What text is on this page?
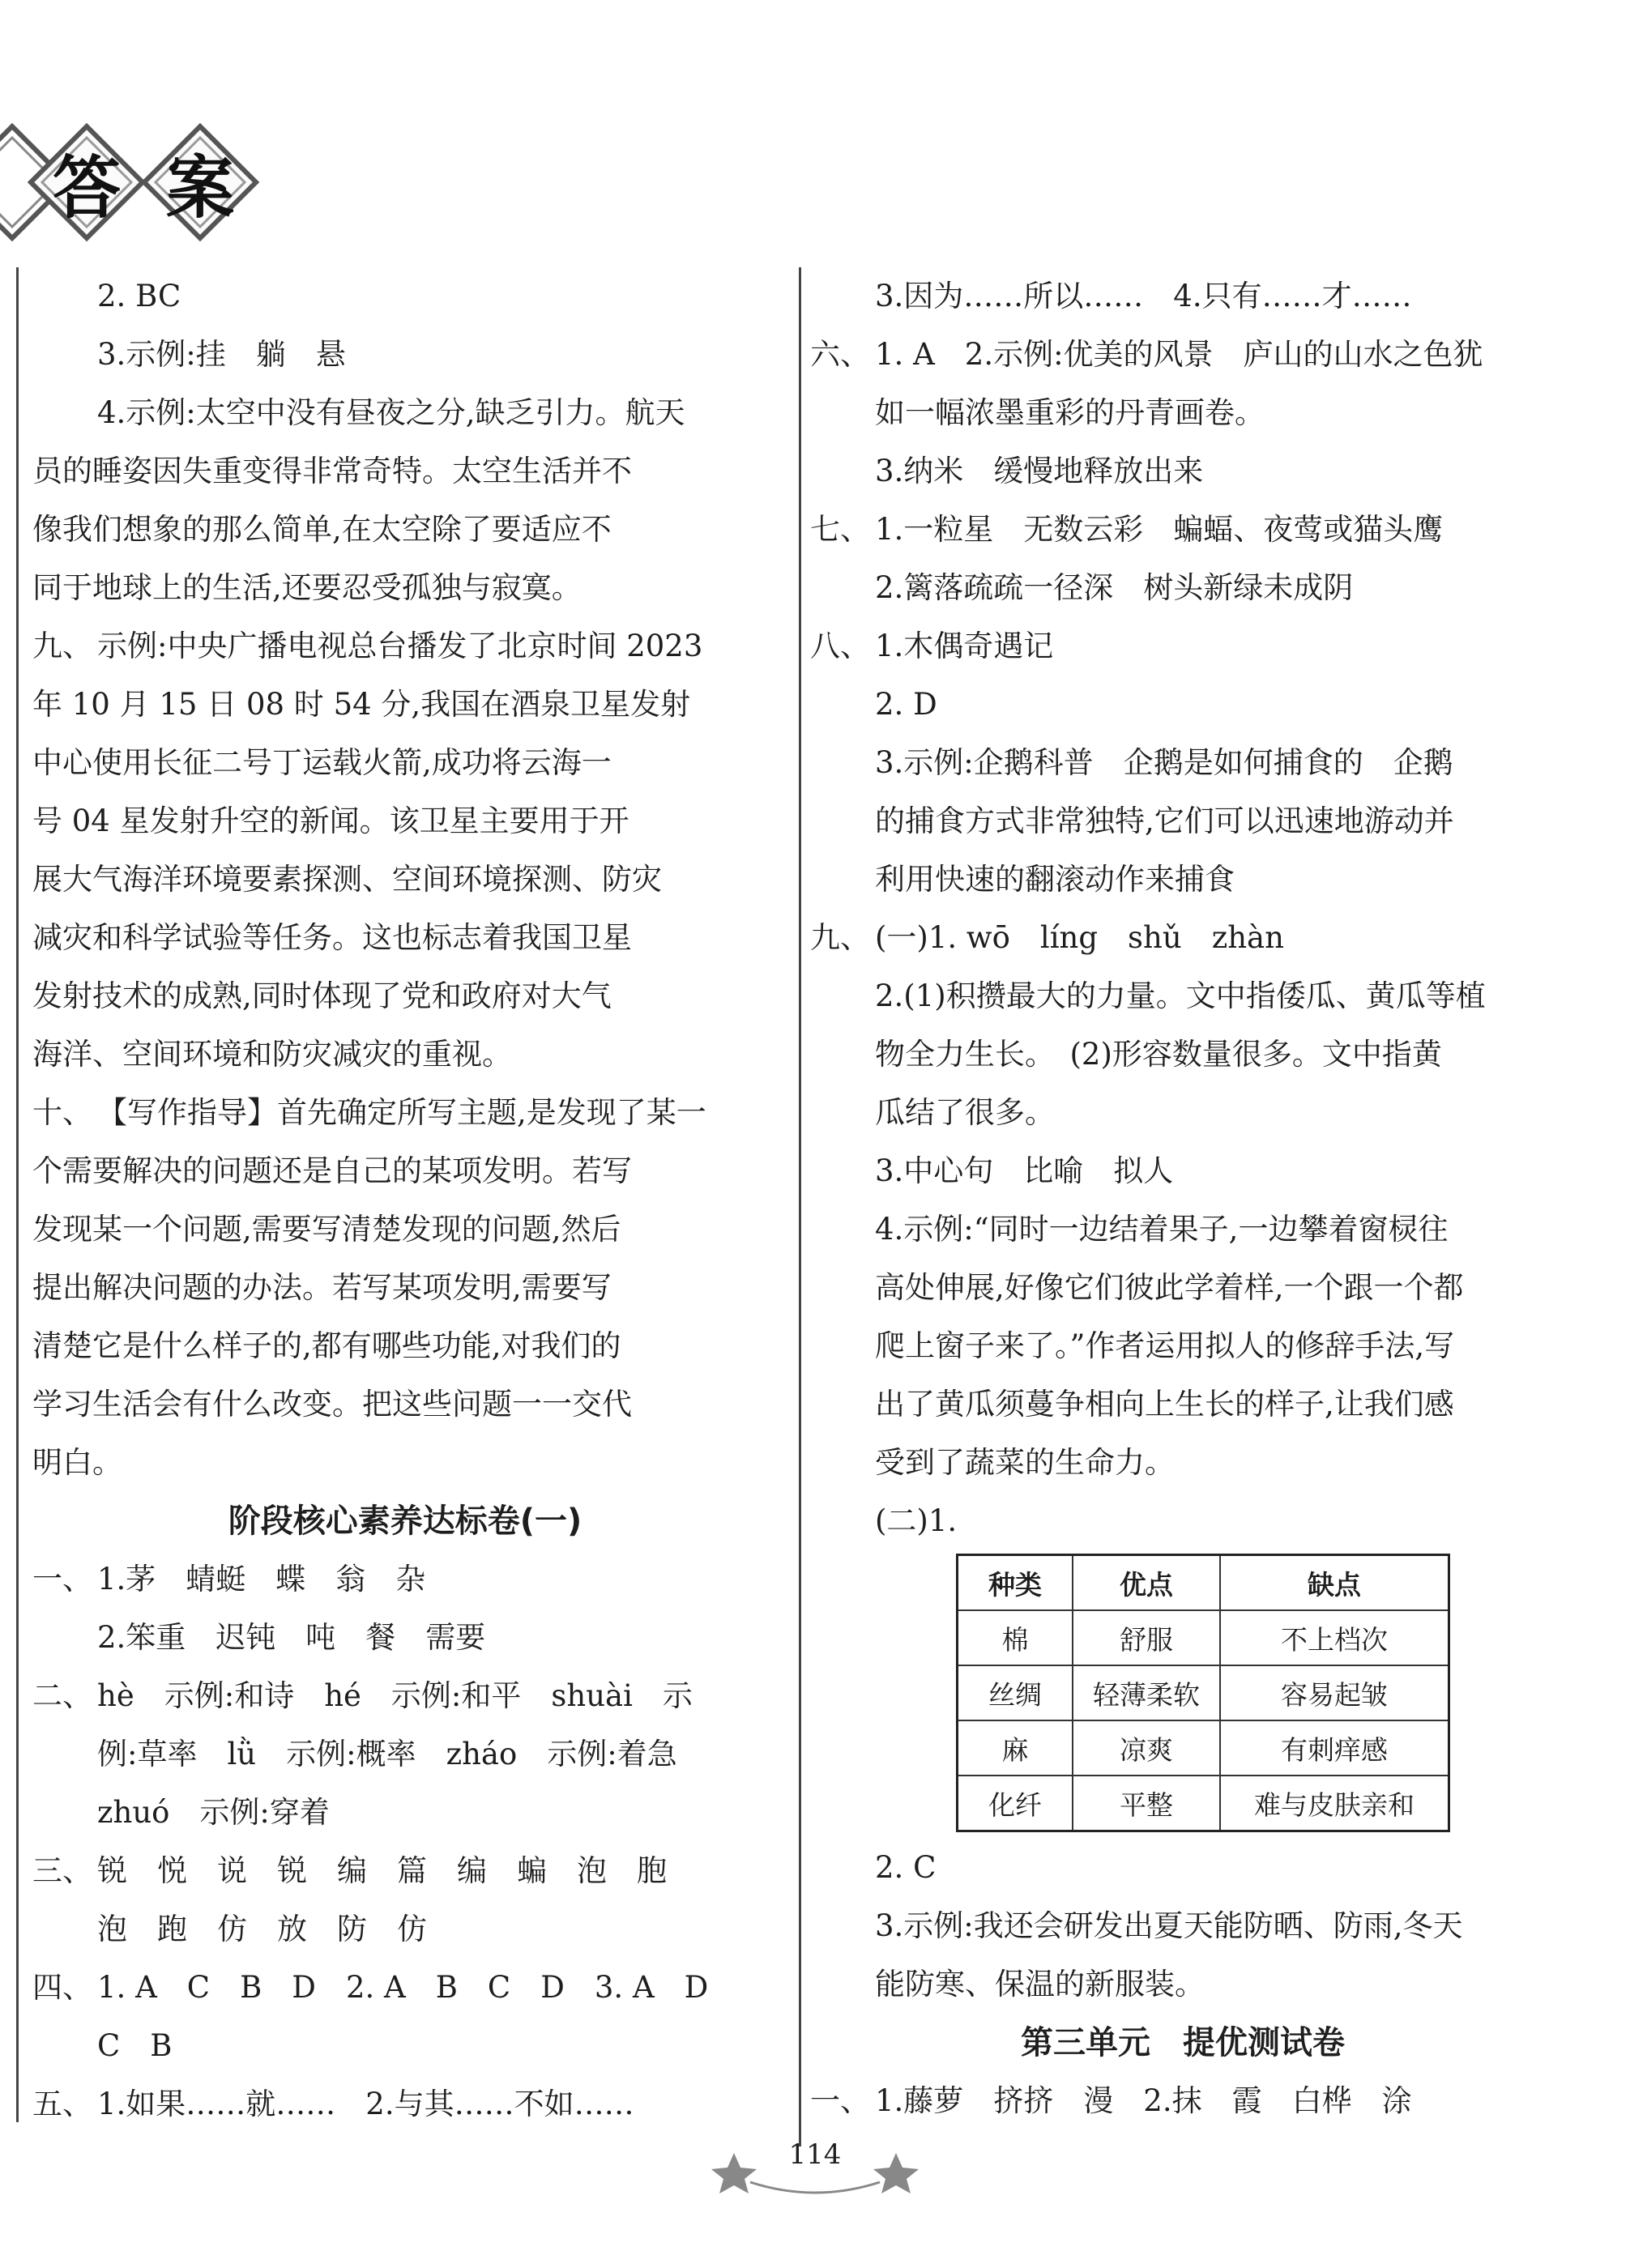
答 案
2. BC
3.示例:挂　躺　悬
4.示例:太空中没有昼夜之分,缺乏引力。航天
员的睡姿因失重变得非常奇特。太空生活并不
像我们想象的那么简单,在太空除了要适应不
同于地球上的生活,还要忍受孤独与寂寞。
九、 示例:中央广播电视总台播发了北京时间 2023
年 10 月 15 日 08 时 54 分,我国在酒泉卫星发射
中心使用长征二号丁运载火箭,成功将云海一
号 04 星发射升空的新闻。该卫星主要用于开
展大气海洋环境要素探测、空间环境探测、防灾
减灾和科学试验等任务。这也标志着我国卫星
发射技术的成熟,同时体现了党和政府对大气
海洋、空间环境和防灾减灾的重视。
十、 【写作指导】首先确定所写主题,是发现了某一
个需要解决的问题还是自己的某项发明。若写
发现某一个问题,需要写清楚发现的问题,然后
提出解决问题的办法。若写某项发明,需要写
清楚它是什么样子的,都有哪些功能,对我们的
学习生活会有什么改变。把这些问题一一交代
明白。
阶段核心素养达标卷(一)
一、 1.茅　蜻蜓　蝶　翁　杂
2.笨重　迟钝　吨　餐　需要
二、 hè　示例:和诗　hé　示例:和平　shuài　示
例:草率　lǜ　示例:概率　zháo　示例:着急
zhuó　示例:穿着
三、 锐　悦　说　锐　编　篇　编　蝙　泡　胞
泡　跑　仿　放　防　仿
四、 1. A　C　B　D　2. A　B　C　D　3. A　D
C　B
五、 1.如果……就……　2.与其……不如……
3.因为……所以……　4.只有……才……
六、 1. A　2.示例:优美的风景　庐山的山水之色犹
如一幅浓墨重彩的丹青画卷。
3.纳米　缓慢地释放出来
七、 1.一粒星　无数云彩　蝙蝠、夜莺或猫头鹰
2.篱落疏疏一径深　树头新绿未成阴
八、 1.木偶奇遇记
2. D
3.示例:企鹅科普　企鹅是如何捕食的　企鹅
的捕食方式非常独特,它们可以迅速地游动并
利用快速的翻滚动作来捕食
九、 (一)1. wō　líng　shǔ　zhàn
2.(1)积攒最大的力量。文中指倭瓜、黄瓜等植
物全力生长。　(2)形容数量很多。文中指黄
瓜结了很多。
3.中心句　比喻　拟人
4.示例:“同时一边结着果子,一边攀着窗棂往
高处伸展,好像它们彼此学着样,一个跟一个都
爬上窗子来了。”作者运用拟人的修辞手法,写
出了黄瓜须蔓争相向上生长的样子,让我们感
受到了蔬菜的生命力。
(二)1.
种类	优点	缺点
棉	舒服	不上档次
丝绸	轻薄柔软	容易起皱
麻	凉爽	有刺痒感
化纤	平整	难与皮肤亲和
2. C
3.示例:我还会研发出夏天能防晒、防雨,冬天
能防寒、保温的新服装。
第三单元　提优测试卷
一、 1.藤萝　挤挤　漫　2.抹　霞　白桦　涂
114
